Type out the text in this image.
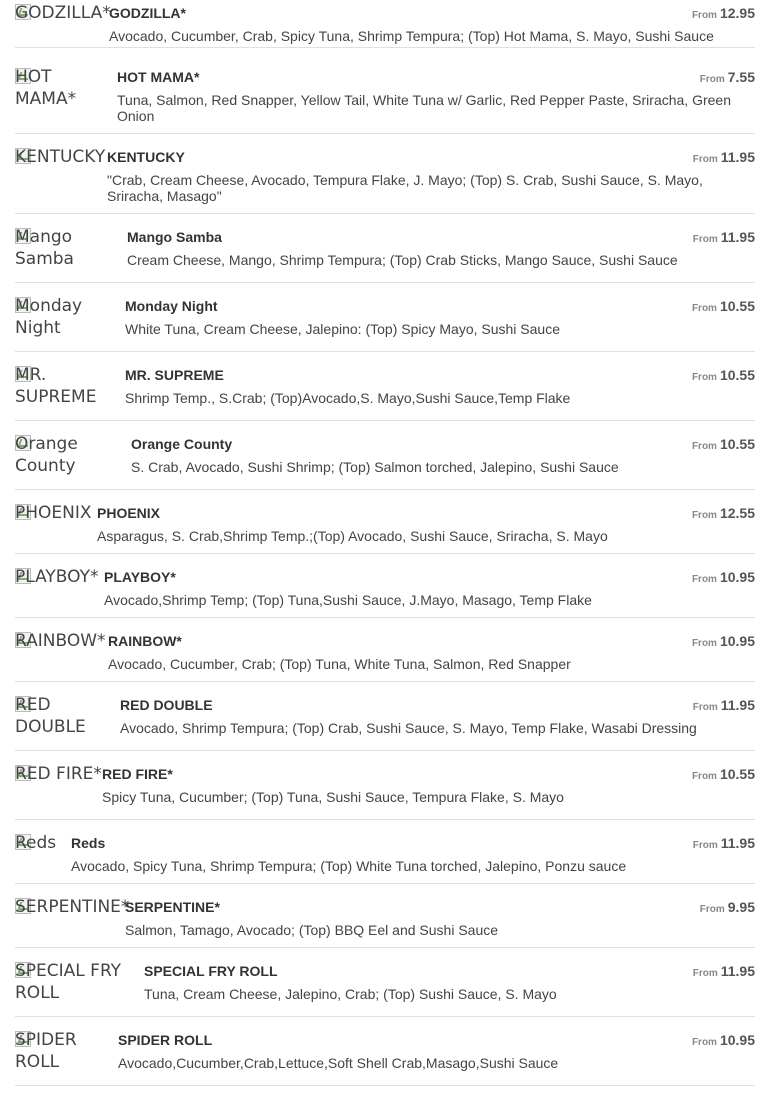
GODZILLA*
GODZILLA*
Avocado, Cucumber, Crab, Spicy Tuna, Shrimp Tempura; (Top) Hot Mama, S. Mayo, Sushi Sauce
From 12.95
HOT MAMA*
HOT MAMA*
Tuna, Salmon, Red Snapper, Yellow Tail, White Tuna w/ Garlic, Red Pepper Paste, Sriracha, Green Onion
From 7.55
KENTUCKY KENTUCKY
"Crab, Cream Cheese, Avocado, Tempura Flake, J. Mayo; (Top) S. Crab, Sushi Sauce, S. Mayo, Sriracha, Masago"
From 11.95
Mango Samba
Mango Samba
Cream Cheese, Mango, Shrimp Tempura; (Top) Crab Sticks, Mango Sauce, Sushi Sauce
From 11.95
Monday Night
Monday Night
White Tuna, Cream Cheese, Jalepino: (Top) Spicy Mayo, Sushi Sauce
From 10.55
MR. SUPREME
MR. SUPREME
Shrimp Temp., S.Crab; (Top)Avocado,S. Mayo,Sushi Sauce,Temp Flake
From 10.55
Orange County
Orange County
S. Crab, Avocado, Sushi Shrimp; (Top) Salmon torched, Jalepino, Sushi Sauce
From 10.55
PHOENIX PHOENIX
Asparagus, S. Crab,Shrimp Temp.;(Top) Avocado, Sushi Sauce, Sriracha, S. Mayo
From 12.55
PLAYBOY* PLAYBOY*
Avocado,Shrimp Temp; (Top) Tuna,Sushi Sauce, J.Mayo, Masago, Temp Flake
From 10.95
RAINBOW* RAINBOW*
Avocado, Cucumber, Crab; (Top) Tuna, White Tuna, Salmon, Red Snapper
From 10.95
RED DOUBLE
RED DOUBLE
Avocado, Shrimp Tempura; (Top) Crab, Sushi Sauce, S. Mayo, Temp Flake, Wasabi Dressing
From 11.95
RED FIRE* RED FIRE*
Spicy Tuna, Cucumber; (Top) Tuna, Sushi Sauce, Tempura Flake, S. Mayo
From 10.55
Reds	Reds
Avocado, Spicy Tuna, Shrimp Tempura; (Top) White Tuna torched, Jalepino, Ponzu sauce
From 11.95
SERPENTINE*
SERPENTINE*
Salmon, Tamago, Avocado; (Top) BBQ Eel and Sushi Sauce
From 9.95
SPECIAL FRY ROLL
SPECIAL FRY ROLL
Tuna, Cream Cheese, Jalepino, Crab; (Top) Sushi Sauce, S. Mayo
From 11.95
SPIDER ROLL
SPIDER ROLL
Avocado,Cucumber,Crab,Lettuce,Soft Shell Crab,Masago,Sushi Sauce
From 10.95
